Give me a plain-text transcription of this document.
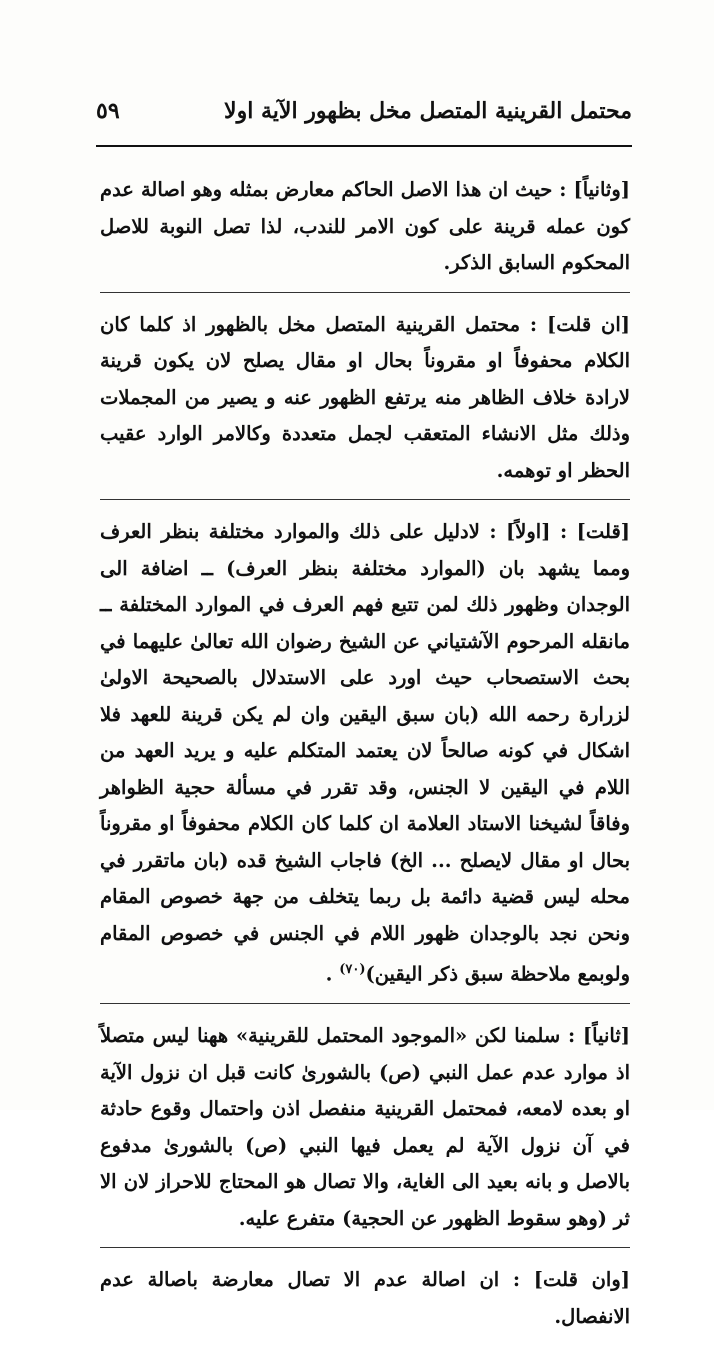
محتمل القرينية المتصل مخل بظهور الآية اولا
٥٩

[وثانياً] : حيث ان هذا الاصل الحاكم معارض بمثله وهو اصالة عدم كون عمله قرينة على كون الامر للندب، لذا تصل النوبة للاصل المحكوم السابق الذكر.

[ان قلت] : محتمل القرينية المتصل مخل بالظهور اذ كلما كان الكلام محفوفاً او مقروناً بحال او مقال يصلح لان يكون قرينة لارادة خلاف الظاهر منه يرتفع الظهور عنه و يصير من المجملات وذلك مثل الانشاء المتعقب لجمل متعددة وكالامر الوارد عقيب الحظر او توهمه.

[قلت] : [اولاً] : لادليل على ذلك والموارد مختلفة بنظر العرف ومما يشهد بان (الموارد مختلفة بنظر العرف) ــ اضافة الى الوجدان وظهور ذلك لمن تتبع فهم العرف في الموارد المختلفة ــ مانقله المرحوم الآشتياني عن الشيخ رضوان الله تعالىٰ عليهما في بحث الاستصحاب حيث اورد على الاستدلال بالصحيحة الاولىٰ لزرارة رحمه الله (بان سبق اليقين وان لم يكن قرينة للعهد فلا اشكال في كونه صالحاً لان يعتمد المتكلم عليه و يريد العهد من اللام في اليقين لا الجنس، وقد تقرر في مسألة حجية الظواهر وفاقاً لشيخنا الاستاد العلامة ان كلما كان الكلام محفوفاً او مقروناً بحال او مقال لايصلح ... الخ) فاجاب الشيخ قده (بان ماتقرر في محله ليس قضية دائمة بل ربما يتخلف من جهة خصوص المقام ونحن نجد بالوجدان ظهور اللام في الجنس في خصوص المقام ولوبمع ملاحظة سبق ذكر اليقين)$^{(٧٠)}$ .

[ثانياً] : سلمنا لكن «الموجود المحتمل للقرينية» ههنا ليس متصلاً اذ موارد عدم عمل النبي (ص) بالشورىٰ كانت قبل ان نزول الآية او بعده لامعه، فمحتمل القرينية منفصل اذن واحتمال وقوع حادثة في آن نزول الآية لم يعمل فيها النبي (ص) بالشورىٰ مدفوع بالاصل و بانه بعيد الى الغاية، والا تصال هو المحتاج للاحراز لان الا ثر (وهو سقوط الظهور عن الحجية) متفرع عليه.

[وان قلت] : ان اصالة عدم الا تصال معارضة باصالة عدم الانفصال.
